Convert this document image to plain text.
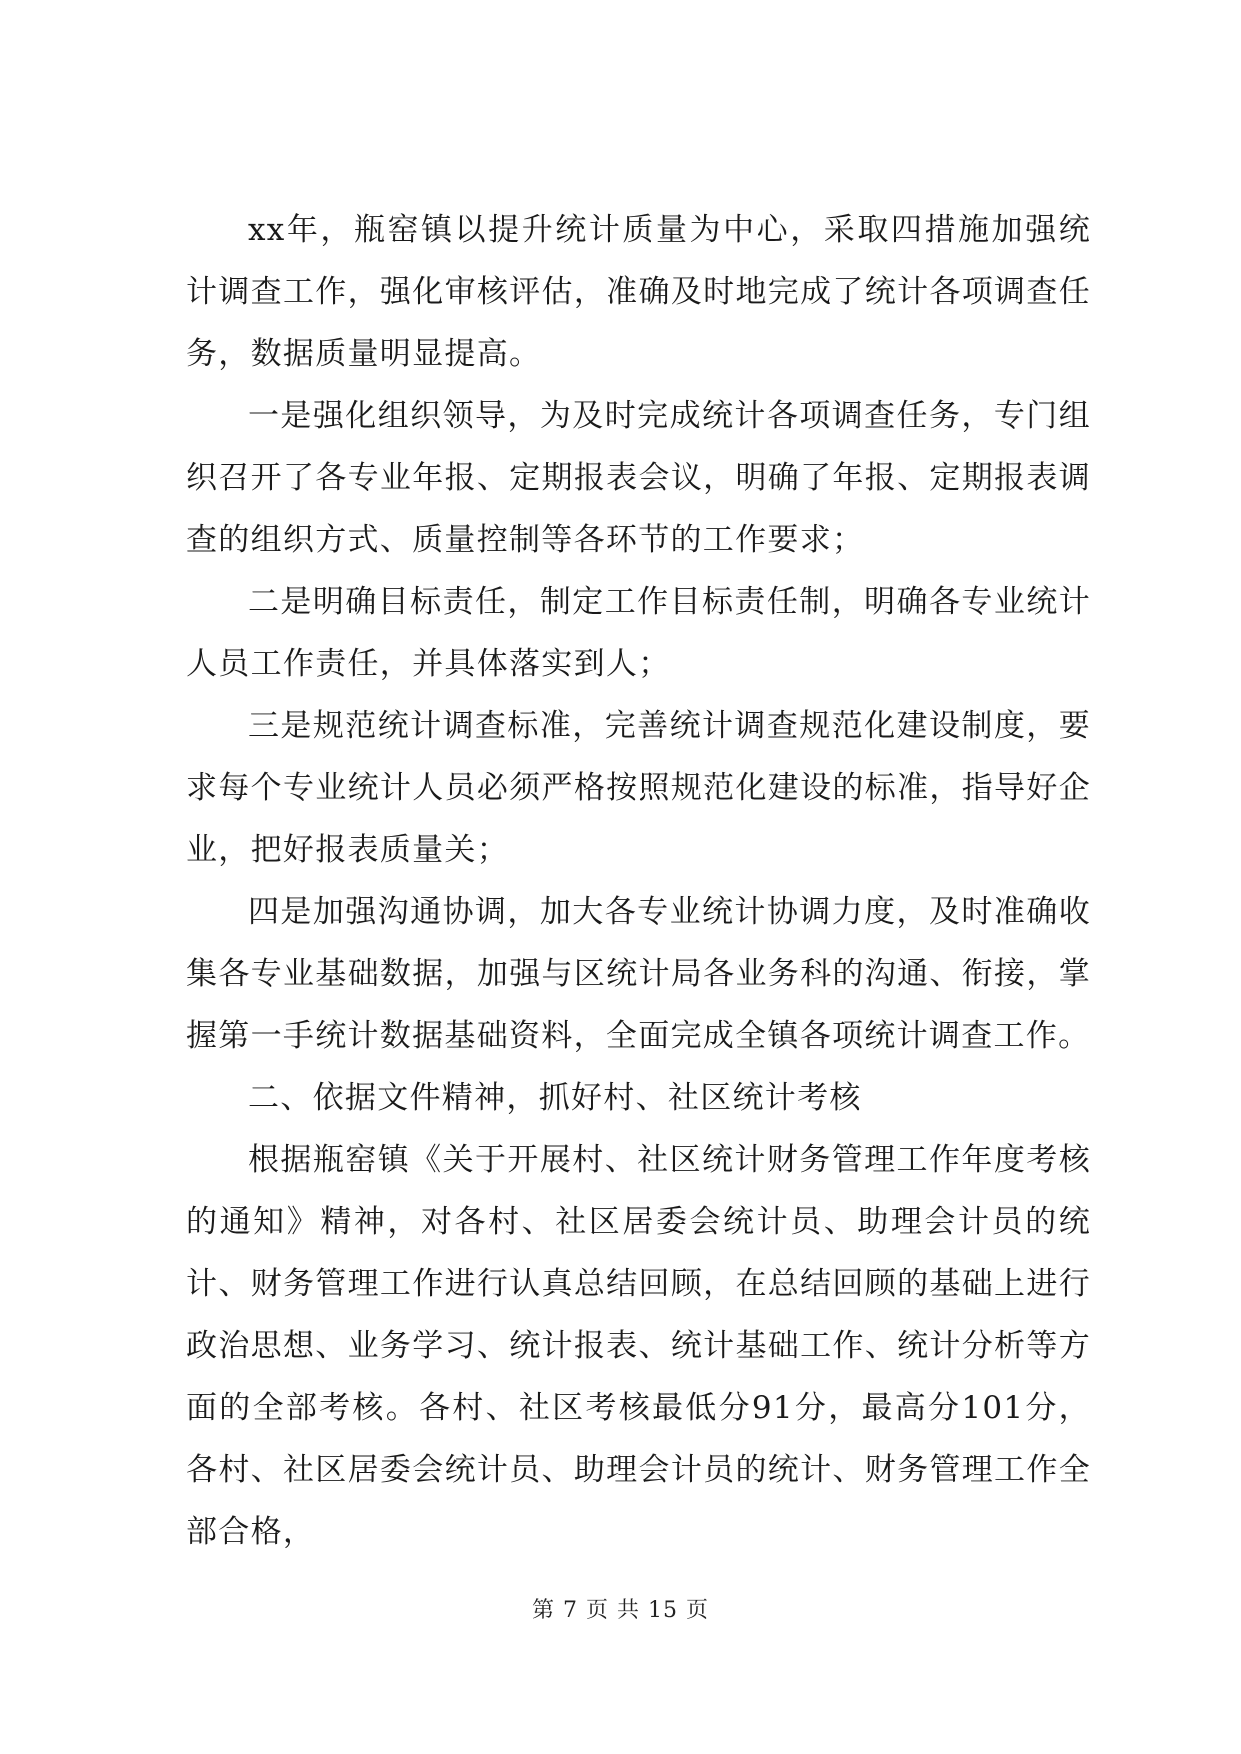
xx年，瓶窑镇以提升统计质量为中心，采取四措施加强统计调查工作，强化审核评估，准确及时地完成了统计各项调查任务，数据质量明显提高。

一是强化组织领导，为及时完成统计各项调查任务，专门组织召开了各专业年报、定期报表会议，明确了年报、定期报表调查的组织方式、质量控制等各环节的工作要求；

二是明确目标责任，制定工作目标责任制，明确各专业统计人员工作责任，并具体落实到人；

三是规范统计调查标准，完善统计调查规范化建设制度，要求每个专业统计人员必须严格按照规范化建设的标准，指导好企业，把好报表质量关；

四是加强沟通协调，加大各专业统计协调力度，及时准确收集各专业基础数据，加强与区统计局各业务科的沟通、衔接，掌握第一手统计数据基础资料，全面完成全镇各项统计调查工作。

二、依据文件精神，抓好村、社区统计考核

根据瓶窑镇《关于开展村、社区统计财务管理工作年度考核的通知》精神，对各村、社区居委会统计员、助理会计员的统计、财务管理工作进行认真总结回顾，在总结回顾的基础上进行政治思想、业务学习、统计报表、统计基础工作、统计分析等方面的全部考核。各村、社区考核最低分91分，最高分101分，各村、社区居委会统计员、助理会计员的统计、财务管理工作全部合格，

第 7 页 共 15 页
